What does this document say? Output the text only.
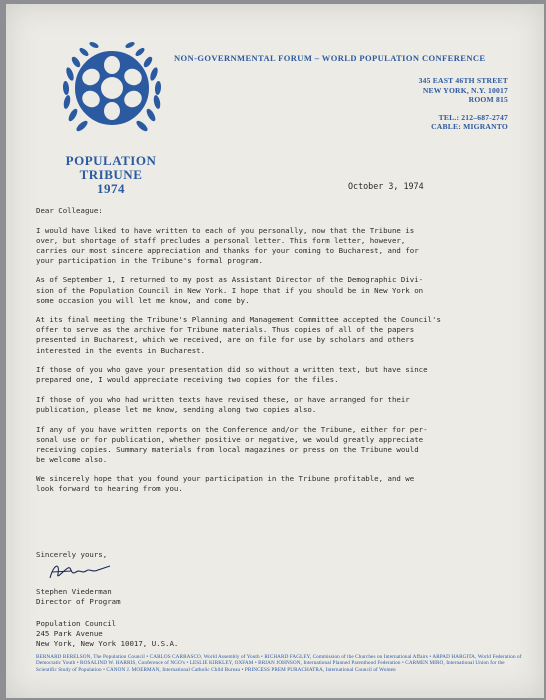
POPULATION
TRIBUNE
1974
NON-GOVERNMENTAL FORUM – WORLD POPULATION CONFERENCE
345 EAST 46TH STREET
NEW YORK, N.Y. 10017
ROOM 815
TEL.: 212–687-2747
CABLE: MIGRANTO
October 3, 1974

Dear Colleague:

I would have liked to have written to each of you personally, now that the Tribune is
over, but shortage of staff precludes a personal letter. This form letter, however,
carries our most sincere appreciation and thanks for your coming to Bucharest, and for
your participation in the Tribune's formal program.

As of September 1, I returned to my post as Assistant Director of the Demographic Divi-
sion of the Population Council in New York. I hope that if you should be in New York on
some occasion you will let me know, and come by.

At its final meeting the Tribune's Planning and Management Committee accepted the Council's
offer to serve as the archive for Tribune materials. Thus copies of all of the papers
presented in Bucharest, which we received, are on file for use by scholars and others
interested in the events in Bucharest.

If those of you who gave your presentation did so without a written text, but have since
prepared one, I would appreciate receiving two copies for the files.

If those of you who had written texts have revised these, or have arranged for their
publication, please let me know, sending along two copies also.

If any of you have written reports on the Conference and/or the Tribune, either for per-
sonal use or for publication, whether positive or negative, we would greatly appreciate
receiving copies. Summary materials from local magazines or press on the Tribune would
be welcome also.

We sincerely hope that you found your participation in the Tribune profitable, and we
look forward to hearing from you.

Sincerely yours,
Stephen Viederman
Director of Program
Population Council
245 Park Avenue
New York, New York 10017, U.S.A.
BERNARD BERELSON, The Population Council • CARLOS CARRASCO, World Assembly of Youth • RICHARD FAGLEY, Commission of the Churches on International Affairs • ARPAD HARGITA, World Federation of Democratic Youth • ROSALIND W. HARRIS, Conference of NGO's • LESLIE KIRKLEY, OXFAM • BRIAN JOHNSON, International Planned Parenthood Federation • CARMEN MIRO, International Union for the Scientific Study of Population • CANON J. MOERMAN, International Catholic Child Bureau • PRINCESS PREM PURACHATRA, International Council of Women
